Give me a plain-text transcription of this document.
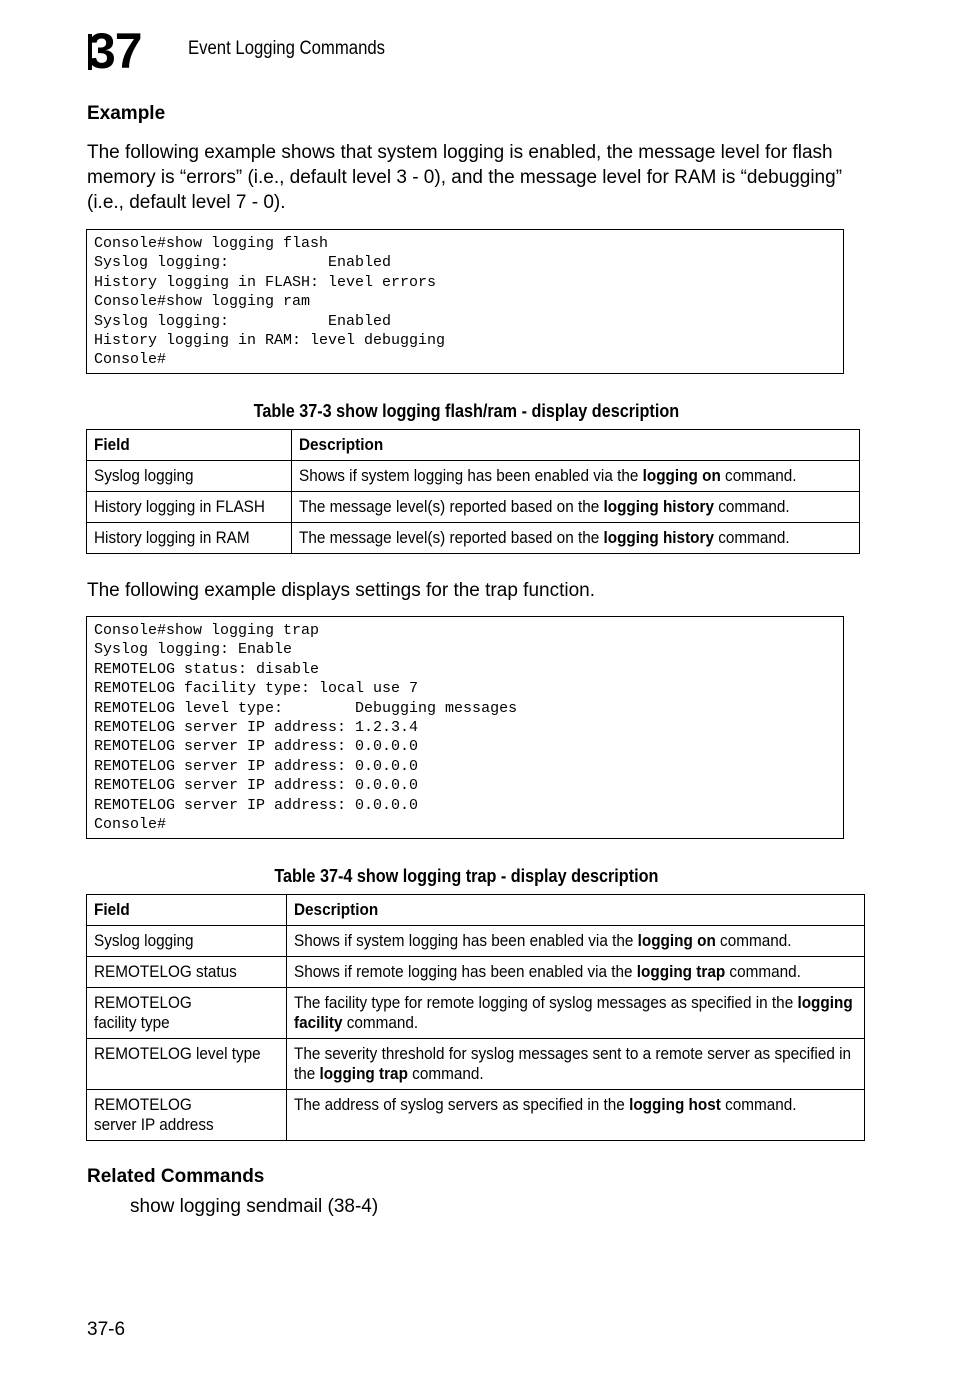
37	Event Logging Commands
Example
The following example shows that system logging is enabled, the message level for flash memory is “errors” (i.e., default level 3 - 0), and the message level for RAM is “debugging” (i.e., default level 7 - 0).
Console#show logging flash
Syslog logging:           Enabled
History logging in FLASH: level errors
Console#show logging ram
Syslog logging:           Enabled
History logging in RAM: level debugging
Console#
Table 37-3 show logging flash/ram - display description
Field	Description
Syslog logging	Shows if system logging has been enabled via the logging on command.
History logging in FLASH	The message level(s) reported based on the logging history command.
History logging in RAM	The message level(s) reported based on the logging history command.
The following example displays settings for the trap function.
Console#show logging trap
Syslog logging: Enable
REMOTELOG status: disable
REMOTELOG facility type: local use 7
REMOTELOG level type:        Debugging messages
REMOTELOG server IP address: 1.2.3.4
REMOTELOG server IP address: 0.0.0.0
REMOTELOG server IP address: 0.0.0.0
REMOTELOG server IP address: 0.0.0.0
REMOTELOG server IP address: 0.0.0.0
Console#
Table 37-4 show logging trap - display description
Field	Description
Syslog logging	Shows if system logging has been enabled via the logging on command.
REMOTELOG status	Shows if remote logging has been enabled via the logging trap command.
REMOTELOG
facility type	The facility type for remote logging of syslog messages as specified in the logging facility command.

REMOTELOG level type	The severity threshold for syslog messages sent to a remote server as specified in the logging trap command.

REMOTELOG
server IP address	The address of syslog servers as specified in the logging host command.
Related Commands
show logging sendmail (38-4)
37-6
